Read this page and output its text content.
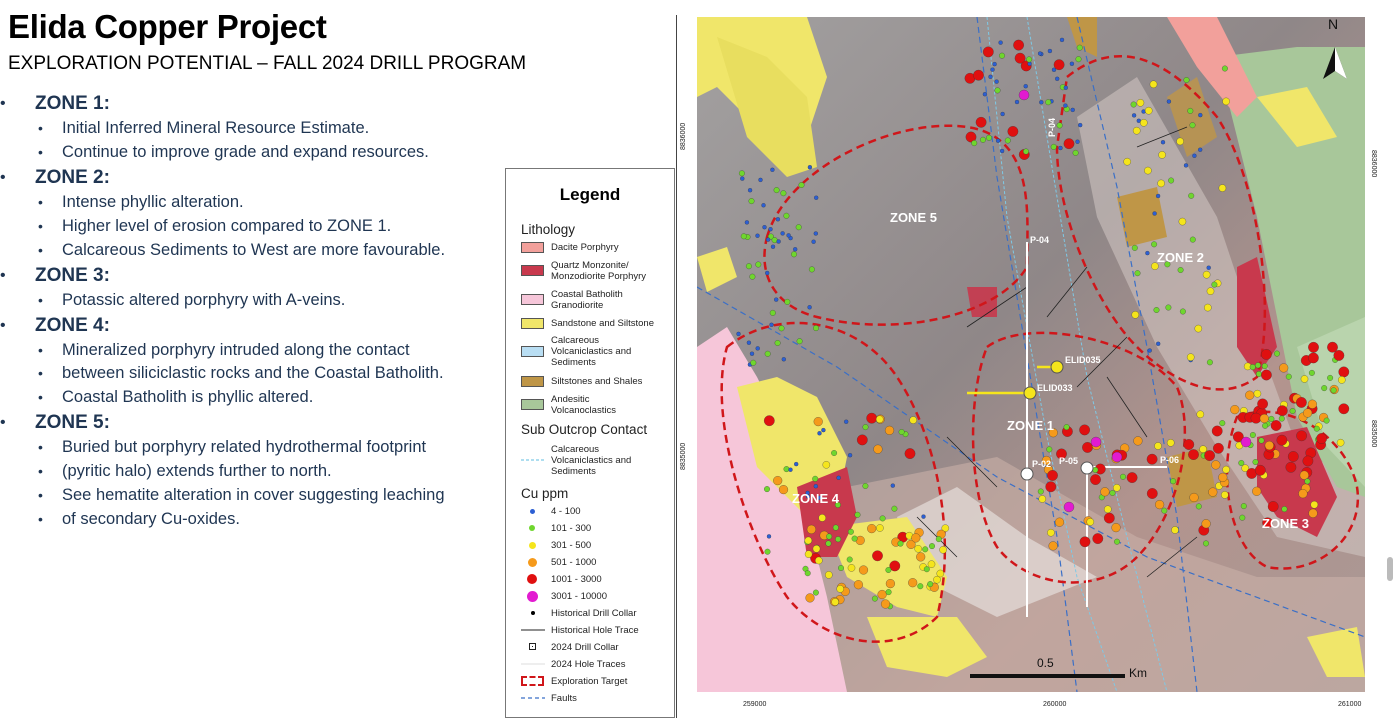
Elida Copper Project
EXPLORATION POTENTIAL – FALL 2024 DRILL PROGRAM
• ZONE 1:
• Initial Inferred Mineral Resource Estimate.
• Continue to improve grade and expand resources.
• ZONE 2:
• Intense phyllic alteration.
• Higher level of erosion compared to ZONE 1.
• Calcareous Sediments to West are more favourable.
• ZONE 3:
• Potassic altered porphyry with A-veins.
• ZONE 4:
• Mineralized porphyry intruded along the contact
• between siliciclastic rocks and the Coastal Batholith.
• Coastal Batholith is phyllic altered.
• ZONE 5:
• Buried but porphyry related hydrothermal footprint
• (pyritic halo) extends further to north.
• See hematite alteration in cover suggesting leaching
• of secondary Cu-oxides.
Legend
Lithology
Dacite Porphyry
Quartz Monzonite/
Monzodiorite Porphyry
Coastal Batholith
Granodiorite
Sandstone and Siltstone
Calcareous
Volcaniclastics and
Sediments
Siltstones and Shales
Andesitic
Volcanoclastics
Sub Outcrop Contact
Calcareous
Volcaniclastics and
Sediments
Cu ppm
4 - 100
101 - 300
301 - 500
501 - 1000
1001 - 3000
3001 - 10000
Historical Drill Collar
Historical Hole Trace
2024 Drill Collar
2024 Hole Traces
Exploration Target
Faults
8836000
8835000
8836000
8835000
259000	260000	261000
ZONE 5
ZONE 2
ZONE 1
ZONE 4
ZONE 3
P-04
P-04
ELID035
ELID033
P-02 P-05	P-06
N
0.5
Km
